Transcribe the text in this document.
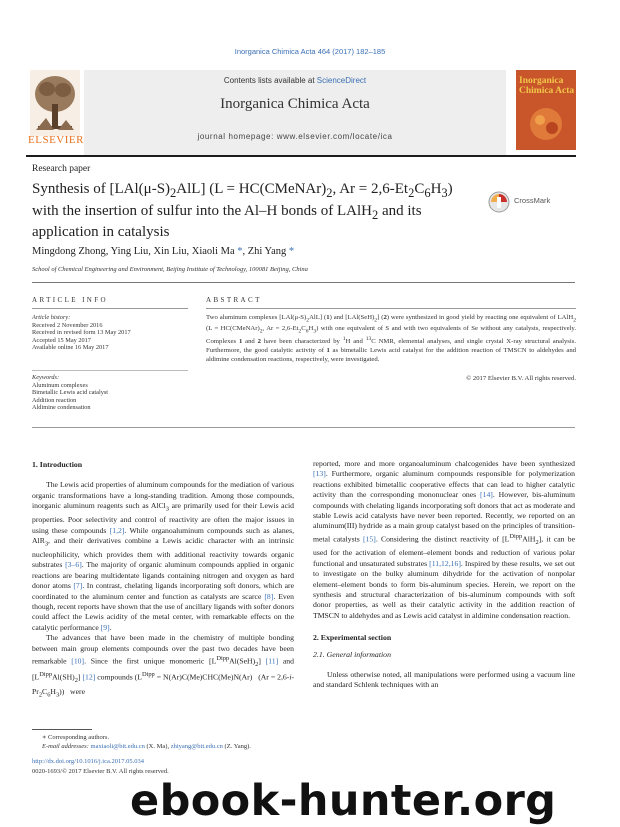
Inorganica Chimica Acta 464 (2017) 182–185
Contents lists available at ScienceDirect
Inorganica Chimica Acta
journal homepage: www.elsevier.com/locate/ica
ELSEVIER
Inorganica
Chimica Acta
Research paper
Synthesis of $[LAl(\mu-S)_2AlL] (L$ = $HC(CMeNAr)_2$, $Ar = 2,6-Et_2C_6H_3$) with the insertion of sulfur into the Al–H bonds of LAlH$_2$ and its application in catalysis
CrossMark
Mingdong Zhong, Ying Liu, Xin Liu, Xiaoli Ma *, Zhi Yang *
School of Chemical Engineering and Environment, Beijing Institute of Technology, 100081 Beijing, China
ARTICLE INFO	ABSTRACT
Article history:
Received 2 November 2016
Received in revised form 13 May 2017
Accepted 15 May 2017
Available online 16 May 2017
Keywords:
Aluminum complexes
Bimetallic Lewis acid catalyst
Addition reaction
Aldimine condensation
Two aluminum complexes $[LAl(\mu-S)_2AlL]$ (1) and $[LAl(SeH)_2]$ (2) were synthesized in good yield by reacting one equivalent of LAlH$_2$ ($L = HC(CMeNAr)_2$, $Ar = 2,6-Et_2C_6H_3$) with one equivalent of S and with two equivalents of Se without any catalysts, respectively. Complexes 1 and 2 have been characterized by $^1$H and $^{13}$C NMR, elemental analyses, and single crystal X-ray structural analysis. Furthermore, the good catalytic activity of 1 as bimetallic Lewis acid catalyst for the addition reaction of TMSCN to aldehydes and aldimine condensation reactions, respectively, were investigated.
© 2017 Elsevier B.V. All rights reserved.

1. Introduction

The Lewis acid properties of aluminum compounds for the mediation of various organic transformations have a long-standing tradition. Among those compounds, inorganic aluminum reagents such as AlCl$_3$ are primarily used for their Lewis acid properties. Poor selectivity and control of reactivity are often the major issues in using these compounds [1,2]. While organoaluminum compounds such as alanes, AlR$_3$, and their derivatives combine a Lewis acidic character with an intrinsic nucleophilicity, which provides them with additional reactivity towards organic substrates [3–6]. The majority of organic aluminum compounds applied in organic reactions are bearing multidentate ligands containing nitrogen and oxygen as hard donor atoms [7]. In contrast, chelating ligands incorporating soft donors, which are coordinated to the aluminum center and function as catalysts are scarce [8]. Even though, recent reports have shown that the use of ancillary ligands with softer donors could affect the Lewis acidity of the metal center, with remarkable effects on the catalytic performance [9].

The advances that have been made in the chemistry of multiple bonding between main group elements compounds over the past two decades have been remarkable [10]. Since the first unique monomeric $[L^{Dipp}Al(SeH)_2]$ [11] and $[L^{Dipp}Al(SH)_2]$ [12] compounds $(L^{Dipp} = N(Ar)C(Me)CHC(Me)N(Ar) (Ar = 2,6-i-Pr_2C_6H_3))$   were

reported, more and more organoaluminum chalcogenides have been synthesized [13]. Furthermore, organic aluminum compounds responsible for polymerization reactions exhibited bimetallic cooperative effects that can lead to higher catalytic activity than the corresponding mononuclear ones [14]. However, bis-aluminum compounds with chelating ligands incorporating soft donors that act as moderate and stable Lewis acid catalysts have never been reported. Recently, we reported on an aluminum(III) hydride as a main group catalyst based on the principles of transition-metal catalysts [15]. Considering the distinct reactivity of $[L^{Dipp}AlH_2]$, it can be used for the activation of element–element bonds and reduction of various polar functional and unsaturated substrates [11,12,16]. Inspired by these results, we set out to investigate on the bulky aluminum dihydride for the activation of nonpolar element–element bonds to form bis-aluminum species. Herein, we report on the synthesis and structural characterization of bis-aluminum compounds with soft donor properties, as well as their catalytic activity in the addition reaction of TMSCN to aldehydes and as Lewis acid catalyst in aldimine condensation reaction.

2. Experimental section

2.1. General information

Unless otherwise noted, all manipulations were performed using a vacuum line and standard Schlenk techniques with an

∗ Corresponding authors.
E-mail addresses: maxiaoli@bit.edu.cn (X. Ma), zhiyang@bit.edu.cn (Z. Yang).
http://dx.doi.org/10.1016/j.ica.2017.05.034
0020-1693/© 2017 Elsevier B.V. All rights reserved.
ebook-hunter.org
